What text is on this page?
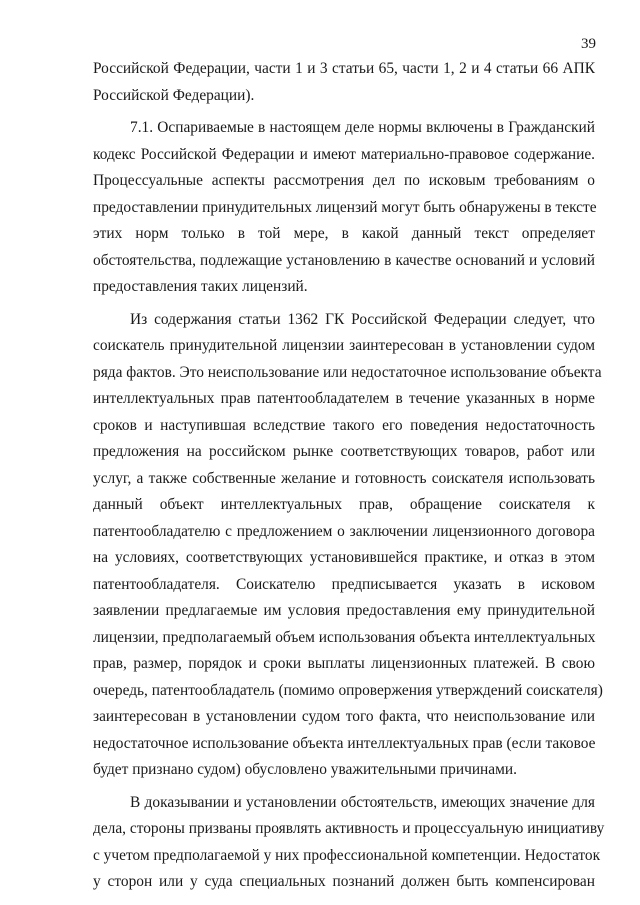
39

Российской Федерации, части 1 и 3 статьи 65, части 1, 2 и 4 статьи 66 АПК
Российской Федерации).

7.1. Оспариваемые в настоящем деле нормы включены в Гражданский
кодекс Российской Федерации и имеют материально-правовое содержание.
Процессуальные аспекты рассмотрения дел по исковым требованиям о
предоставлении принудительных лицензий могут быть обнаружены в тексте
этих норм только в той мере, в какой данный текст определяет
обстоятельства, подлежащие установлению в качестве оснований и условий
предоставления таких лицензий.

Из содержания статьи 1362 ГК Российской Федерации следует, что
соискатель принудительной лицензии заинтересован в установлении судом
ряда фактов. Это неиспользование или недостаточное использование объекта
интеллектуальных прав патентообладателем в течение указанных в норме
сроков и наступившая вследствие такого его поведения недостаточность
предложения на российском рынке соответствующих товаров, работ или
услуг, а также собственные желание и готовность соискателя использовать
данный объект интеллектуальных прав, обращение соискателя к
патентообладателю с предложением о заключении лицензионного договора
на условиях, соответствующих установившейся практике, и отказ в этом
патентообладателя. Соискателю предписывается указать в исковом
заявлении предлагаемые им условия предоставления ему принудительной
лицензии, предполагаемый объем использования объекта интеллектуальных
прав, размер, порядок и сроки выплаты лицензионных платежей. В свою
очередь, патентообладатель (помимо опровержения утверждений соискателя)
заинтересован в установлении судом того факта, что неиспользование или
недостаточное использование объекта интеллектуальных прав (если таковое
будет признано судом) обусловлено уважительными причинами.

В доказывании и установлении обстоятельств, имеющих значение для
дела, стороны призваны проявлять активность и процессуальную инициативу
с учетом предполагаемой у них профессиональной компетенции. Недостаток
у сторон или у суда специальных познаний должен быть компенсирован
